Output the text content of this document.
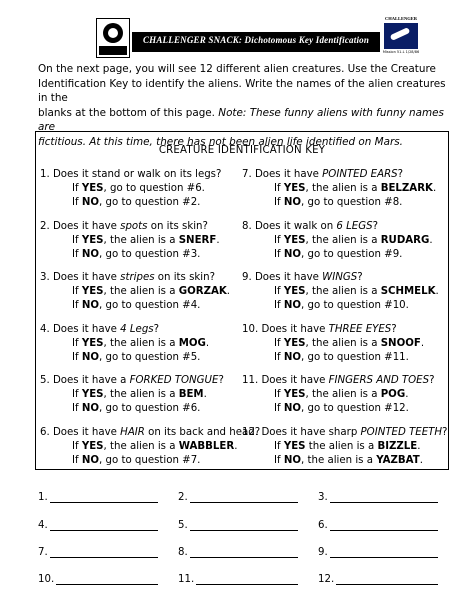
CHALLENGER SNACK: Dichotomous Key Identification
CHALLENGER
Mission 51-L 1/28/86
On the next page, you will see 12 different alien creatures. Use the Creature
Identification Key to identify the aliens. Write the names of the alien creatures in the
blanks at the bottom of this page. Note: These funny aliens with funny names are
fictitious. At this time, there has not been alien life identified on Mars.
CREATURE IDENTIFICATION KEY
1. Does it stand or walk on its legs?
If YES, go to question #6.
If NO, go to question #2.
2. Does it have spots on its skin?
If YES, the alien is a SNERF.
If NO, go to question #3.
3. Does it have stripes on its skin?
If YES, the alien is a GORZAK.
If NO, go to question #4.
4. Does it have 4 Legs?
If YES, the alien is a MOG.
If NO, go to question #5.
5. Does it have a FORKED TONGUE?
If YES, the alien is a BEM.
If NO, go to question #6.
6. Does it have HAIR on its back and head?
If YES, the alien is a WABBLER.
If NO, go to question #7.
7. Does it have POINTED EARS?
If YES, the alien is a BELZARK.
If NO, go to question #8.
8. Does it walk on 6 LEGS?
If YES, the alien is a RUDARG.
If NO, go to question #9.
9. Does it have WINGS?
If YES, the alien is a SCHMELK.
If NO, go to question #10.
10. Does it have THREE EYES?
If YES, the alien is a SNOOF.
If NO, go to question #11.
11. Does it have FINGERS AND TOES?
If YES, the alien is a POG.
If NO, go to question #12.
12. Does it have sharp POINTED TEETH?
If YES the alien is a BIZZLE.
If NO, the alien is a YAZBAT.
1.	2.	3.
4.	5.	6.
7.	8.	9.
10.	11.	12.
